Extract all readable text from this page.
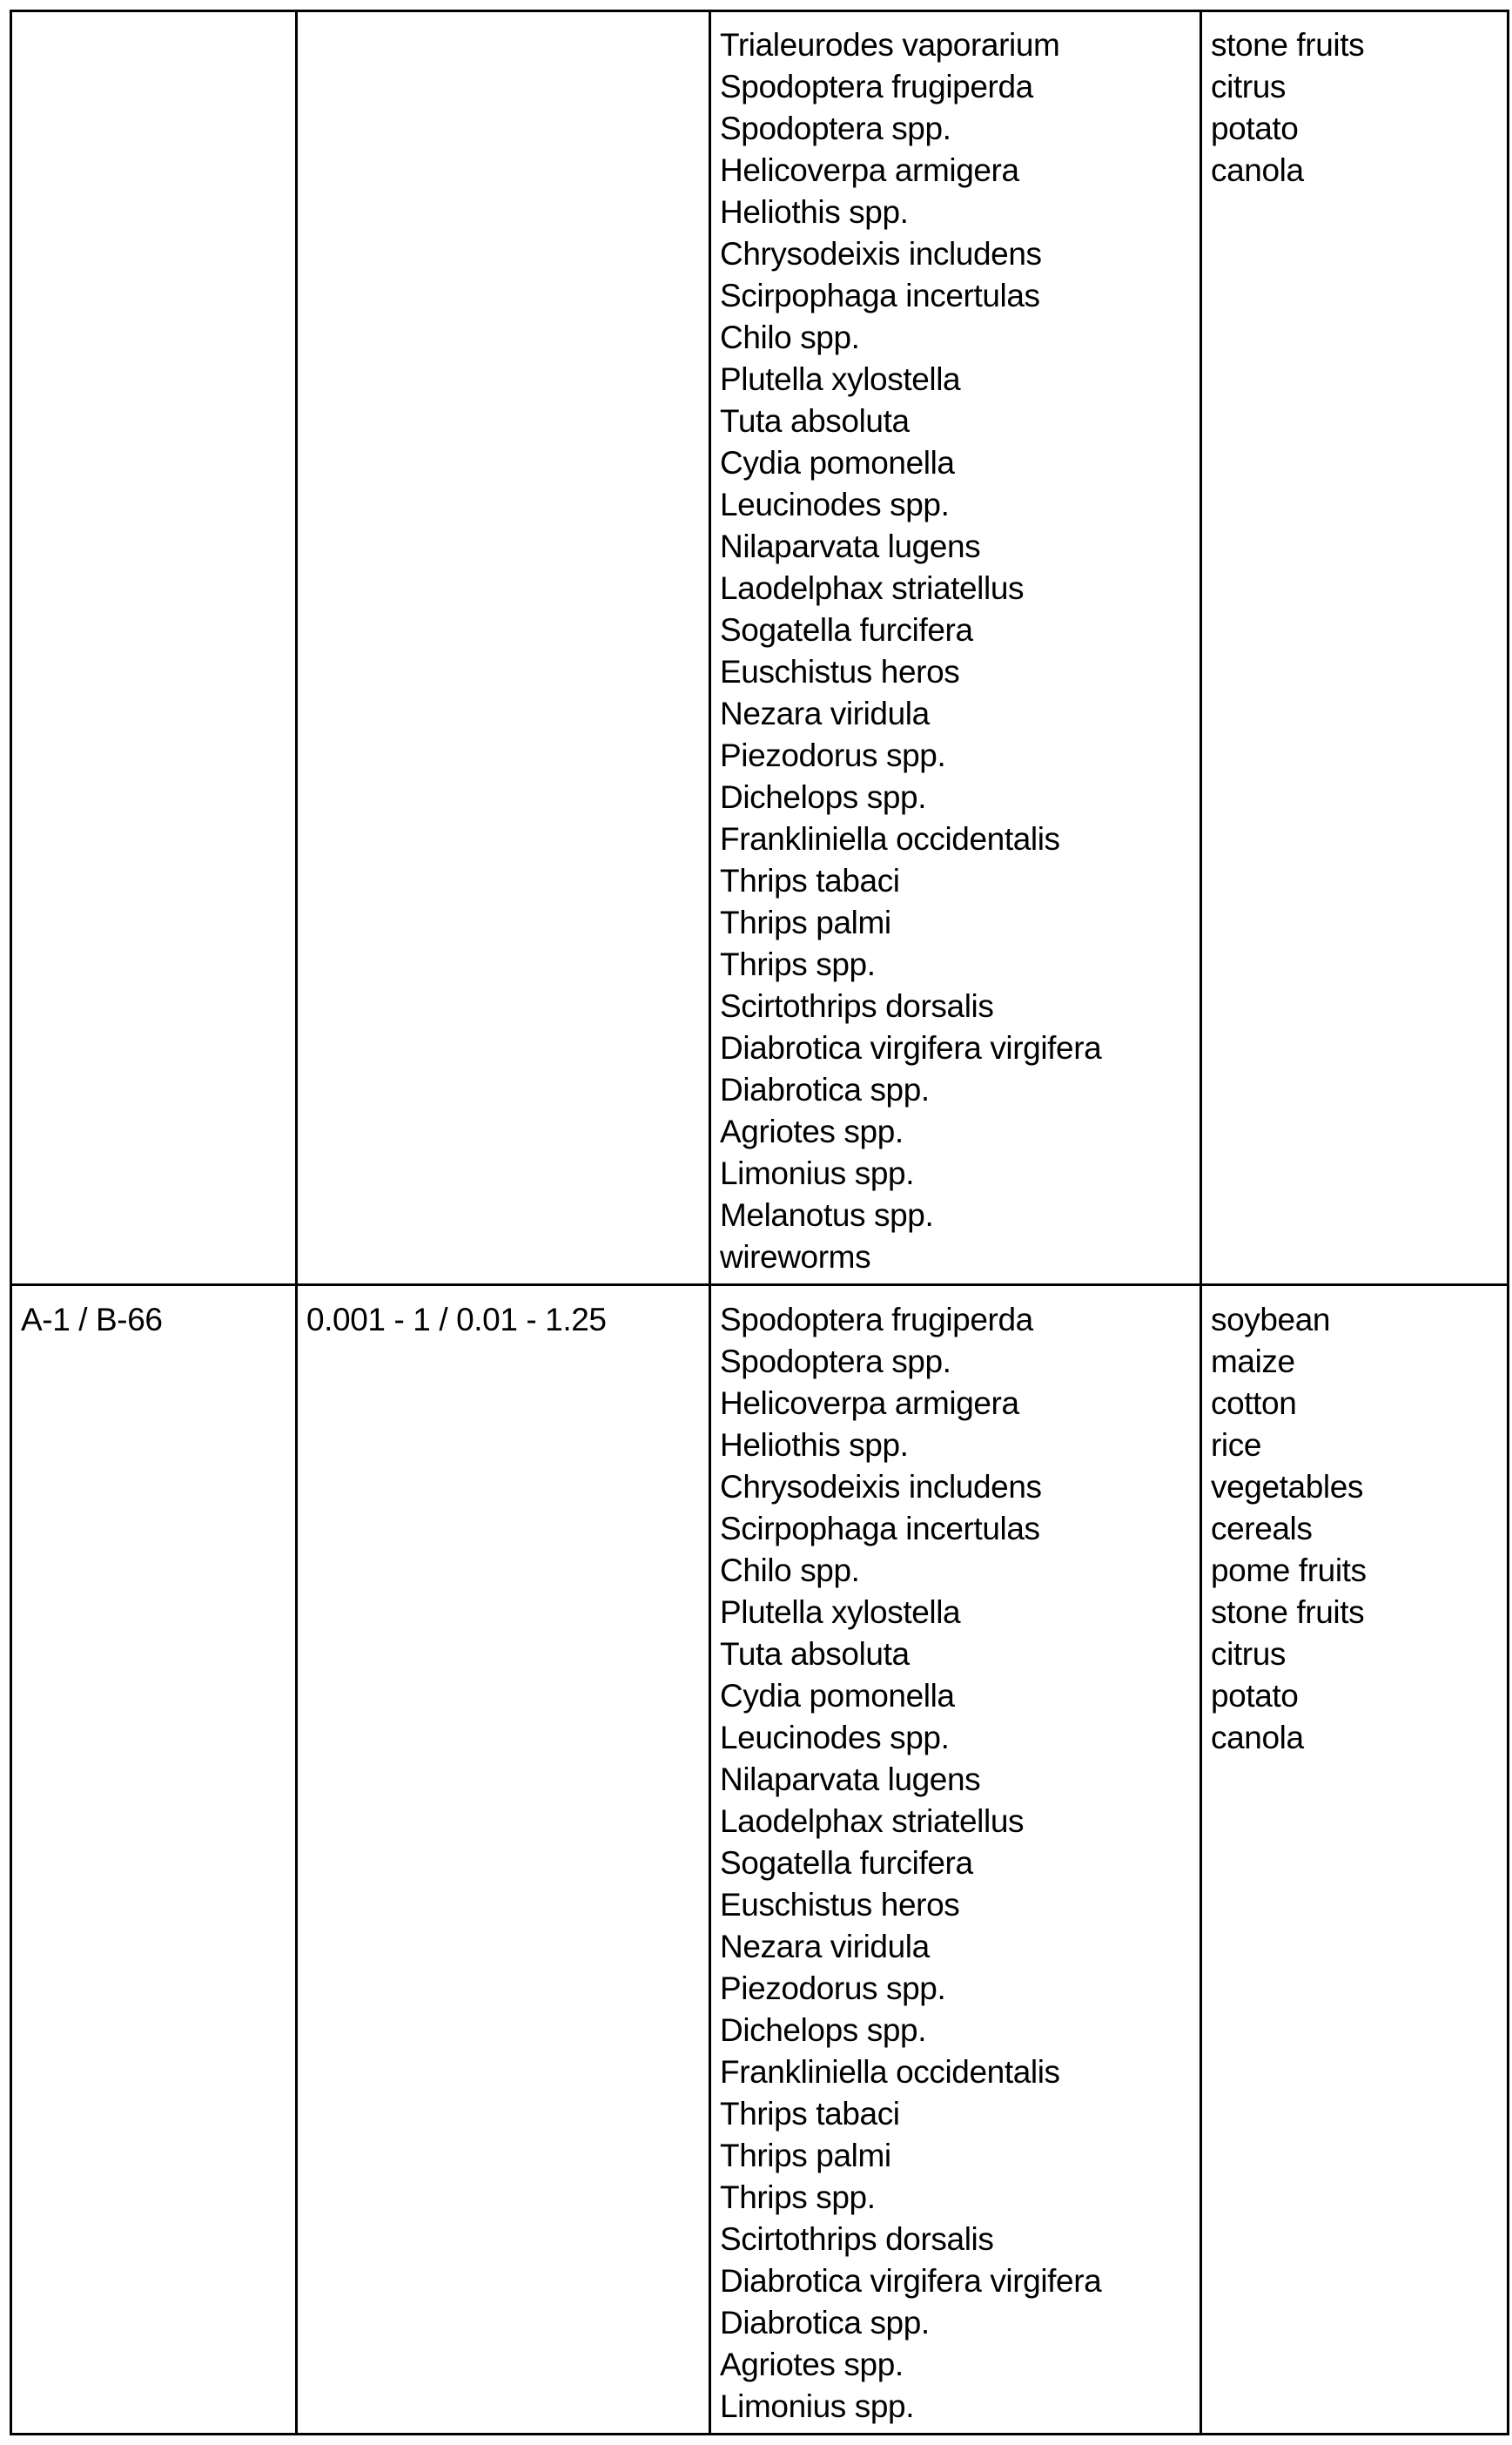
Trialeurodes vaporarium
Spodoptera frugiperda
Spodoptera spp.
Helicoverpa armigera
Heliothis spp.
Chrysodeixis includens
Scirpophaga incertulas
Chilo spp.
Plutella xylostella
Tuta absoluta
Cydia pomonella
Leucinodes spp.
Nilaparvata lugens
Laodelphax striatellus
Sogatella furcifera
Euschistus heros
Nezara viridula
Piezodorus spp.
Dichelops spp.
Frankliniella occidentalis
Thrips tabaci
Thrips palmi
Thrips spp.
Scirtothrips dorsalis
Diabrotica virgifera virgifera
Diabrotica spp.
Agriotes spp.
Limonius spp.
Melanotus spp.
wireworms

stone fruits
citrus
potato
canola

A-1 / B-66	0.001 - 1 / 0.01 - 1.25	Spodoptera frugiperda
Spodoptera spp.
Helicoverpa armigera
Heliothis spp.
Chrysodeixis includens
Scirpophaga incertulas
Chilo spp.
Plutella xylostella
Tuta absoluta
Cydia pomonella
Leucinodes spp.
Nilaparvata lugens
Laodelphax striatellus
Sogatella furcifera
Euschistus heros
Nezara viridula
Piezodorus spp.
Dichelops spp.
Frankliniella occidentalis
Thrips tabaci
Thrips palmi
Thrips spp.
Scirtothrips dorsalis
Diabrotica virgifera virgifera
Diabrotica spp.
Agriotes spp.
Limonius spp.

soybean
maize
cotton
rice
vegetables
cereals
pome fruits
stone fruits
citrus
potato
canola
